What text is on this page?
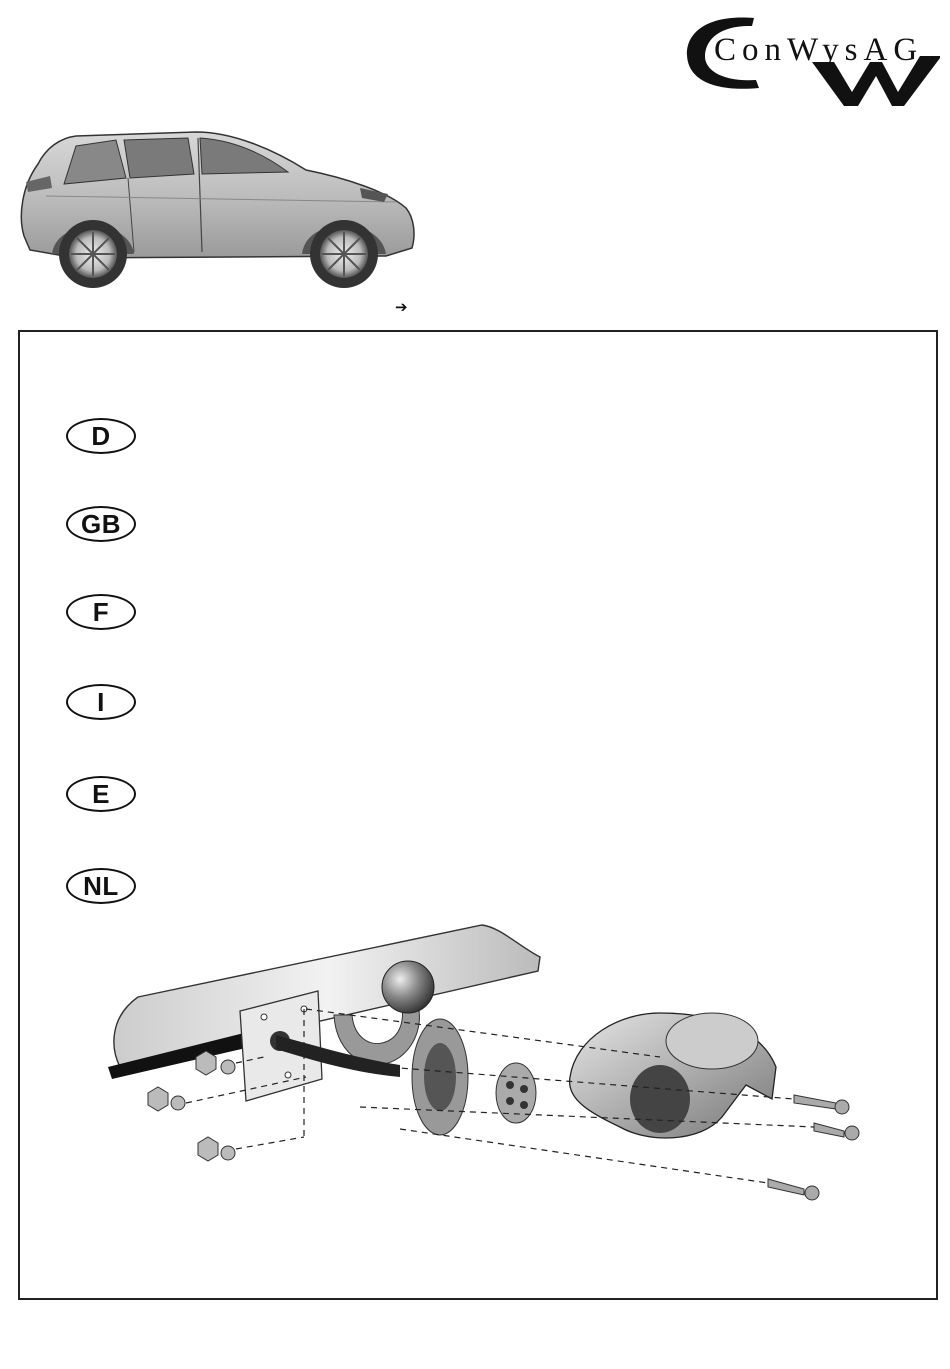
ConWysAG
➔
D
GB
F
I
E
NL
